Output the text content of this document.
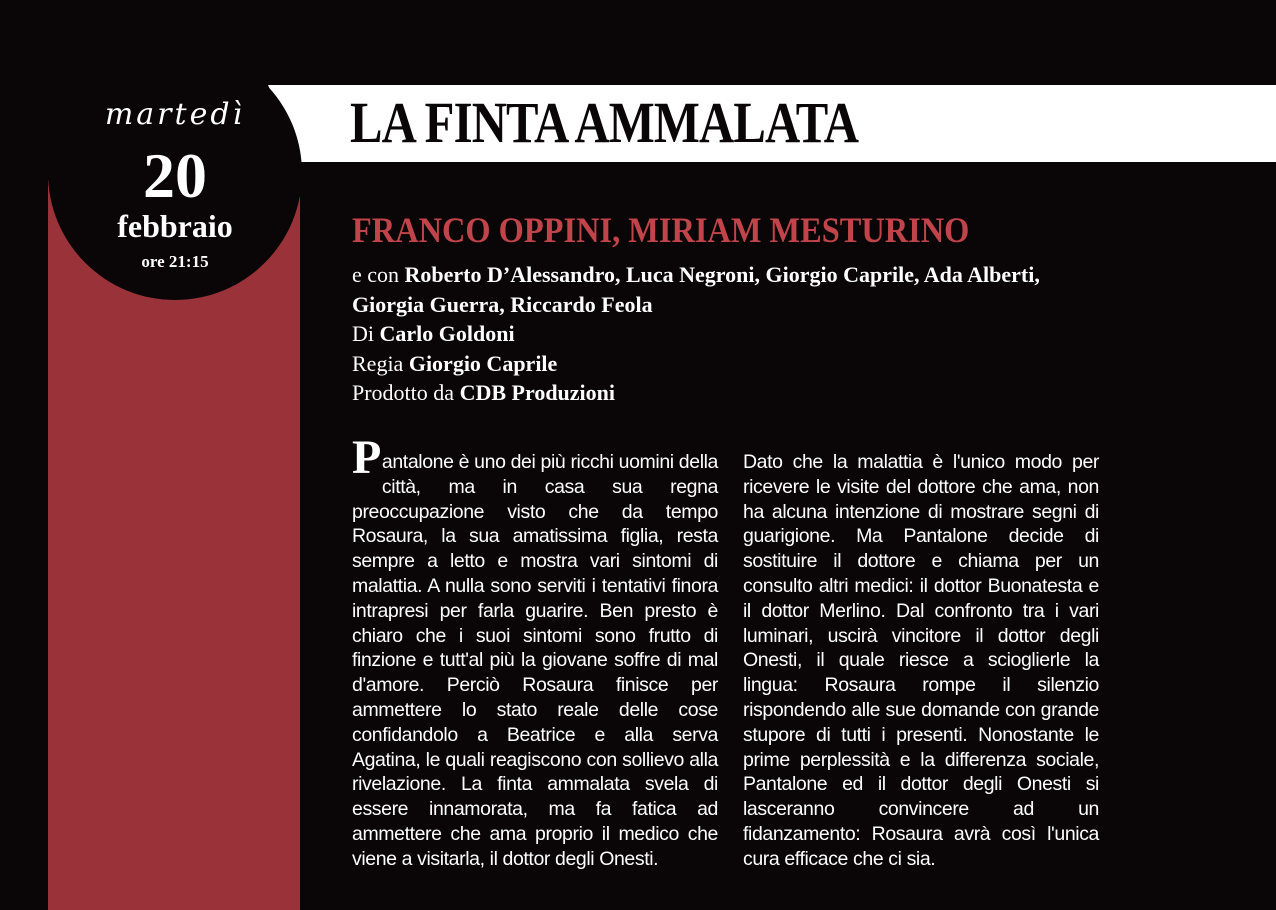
LA FINTA AMMALATA
martedì
20
febbraio
ore 21:15
FRANCO OPPINI, MIRIAM MESTURINO
e con Roberto D’Alessandro, Luca Negroni, Giorgio Caprile, Ada Alberti,
Giorgia Guerra, Riccardo Feola
Di Carlo Goldoni
Regia Giorgio Caprile
Prodotto da CDB Produzioni
Pantalone è uno dei più ricchi uomini della città, ma in casa sua regna preoccupazione visto che da tempo Rosaura, la sua amatissima figlia, resta sempre a letto e mostra vari sintomi di malattia. A nulla sono serviti i tentativi finora intrapresi per farla guarire. Ben presto è chiaro che i suoi sintomi sono frutto di finzione e tutt'al più la giovane soffre di mal d'amore. Perciò Rosaura finisce per ammettere lo stato reale delle cose confidandolo a Beatrice e alla serva Agatina, le quali reagiscono con sollievo alla rivelazione. La finta ammalata svela di essere innamorata, ma fa fatica ad ammettere che ama proprio il medico che viene a visitarla, il dottor degli Onesti.
Dato che la malattia è l'unico modo per ricevere le visite del dottore che ama, non ha alcuna intenzione di mostrare segni di guarigione. Ma Pantalone decide di sostituire il dottore e chiama per un consulto altri medici: il dottor Buonatesta e il dottor Merlino. Dal confronto tra i vari luminari, uscirà vincitore il dottor degli Onesti, il quale riesce a scioglierle la lingua: Rosaura rompe il silenzio rispondendo alle sue domande con grande stupore di tutti i presenti. Nonostante le prime perplessità e la differenza sociale, Pantalone ed il dottor degli Onesti si lasceranno convincere ad un fidanzamento: Rosaura avrà così l'unica cura efficace che ci sia.
